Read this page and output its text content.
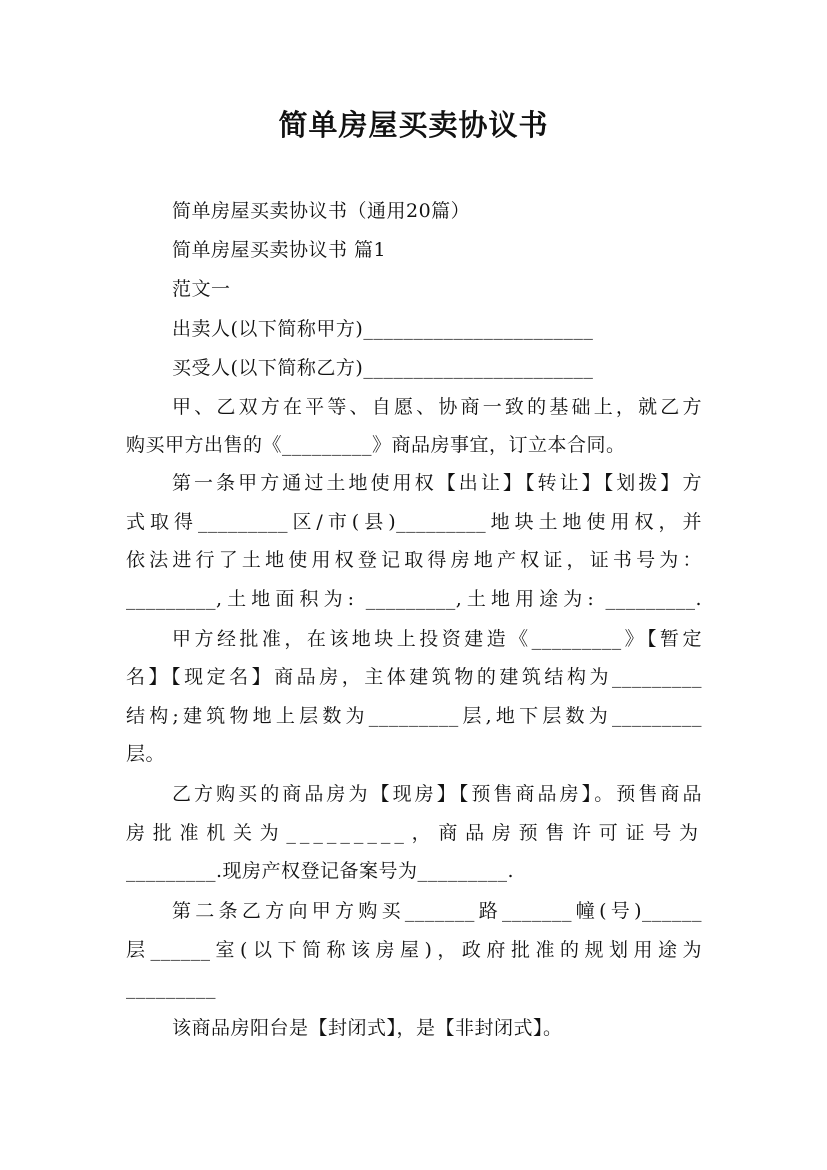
简单房屋买卖协议书
简单房屋买卖协议书（通用20篇）
简单房屋买卖协议书 篇1
范文一
出卖人(以下简称甲方)_______________________
买受人(以下简称乙方)_______________________
甲、乙双方在平等、自愿、协商一致的基础上，就乙方
购买甲方出售的《_________》商品房事宜，订立本合同。
第一条甲方通过土地使用权【出让】【转让】【划拨】方
式取得_________区/市(县)_________地块土地使用权，并
依法进行了土地使用权登记取得房地产权证，证书号为：
_________,土地面积为: _________,土地用途为: _________.
甲方经批准，在该地块上投资建造《_________》【暂定
名】【现定名】商品房，主体建筑物的建筑结构为_________
结构;建筑物地上层数为_________层,地下层数为_________
层。
乙方购买的商品房为【现房】【预售商品房】。预售商品
房批准机关为_________，商品房预售许可证号为
_________.现房产权登记备案号为_________.
第二条乙方向甲方购买_______路_______幢(号)______
层______室(以下简称该房屋)，政府批准的规划用途为
_________
该商品房阳台是【封闭式】，是【非封闭式】。
